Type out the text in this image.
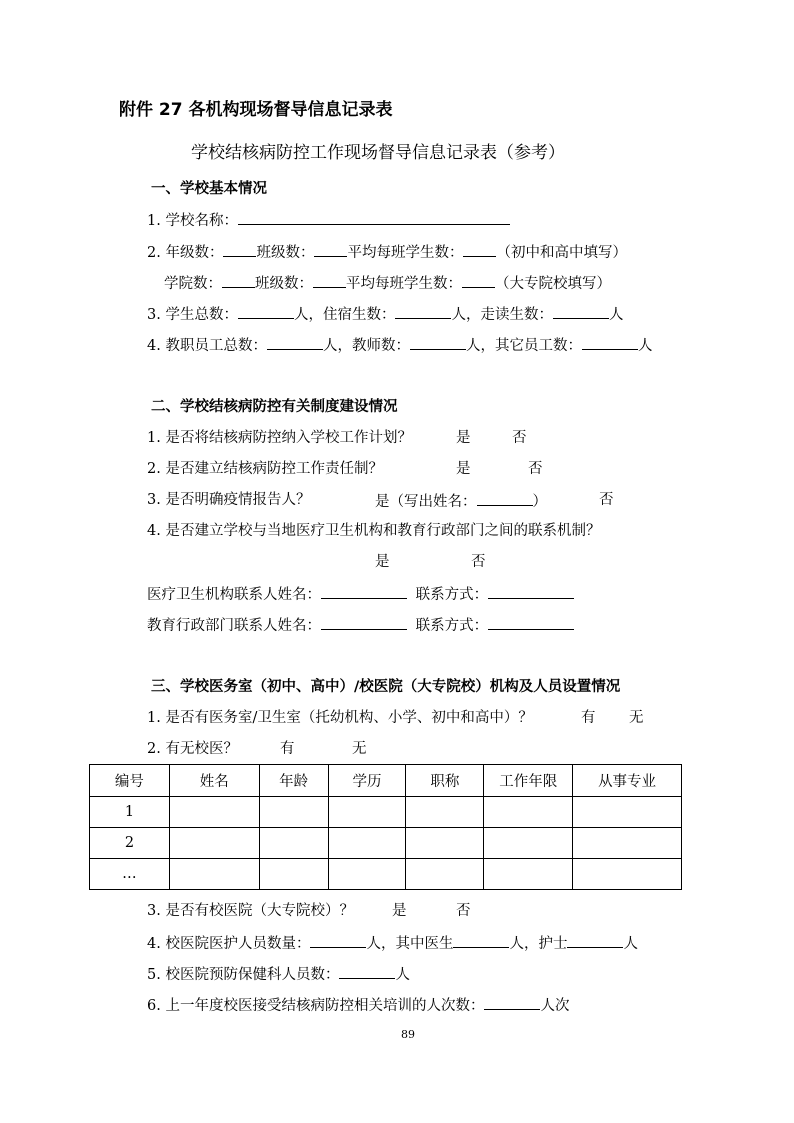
附件 27 各机构现场督导信息记录表
学校结核病防控工作现场督导信息记录表（参考）
一、学校基本情况
1. 学校名称：
2. 年级数： 班级数： 平均每班学生数： （初中和高中填写）
学院数： 班级数： 平均每班学生数： （大专院校填写）
3. 学生总数：	人，住宿生数：	人，走读生数：	人
4. 教职员工总数：	人，教师数：	人，其它员工数：	人
二、学校结核病防控有关制度建设情况
1. 是否将结核病防控纳入学校工作计划？	是	否
2. 是否建立结核病防控工作责任制？	是	否
3. 是否明确疫情报告人？	是（写出姓名：	）	否
4. 是否建立学校与当地医疗卫生机构和教育行政部门之间的联系机制？
是	否
医疗卫生机构联系人姓名：	联系方式：
教育行政部门联系人姓名：	联系方式：
三、学校医务室（初中、高中）/校医院（大专院校）机构及人员设置情况
1. 是否有医务室/卫生室（托幼机构、小学、初中和高中）？	有 无
2. 有无校医？	有	无
编号	姓名	年龄	学历	职称	工作年限	从事专业
1						
2						
…						
3. 是否有校医院（大专院校）？	是	否
4. 校医院医护人员数量：	人，其中医生	人，护士	人
5. 校医院预防保健科人员数：	人
6. 上一年度校医接受结核病防控相关培训的人次数：	人次
89
